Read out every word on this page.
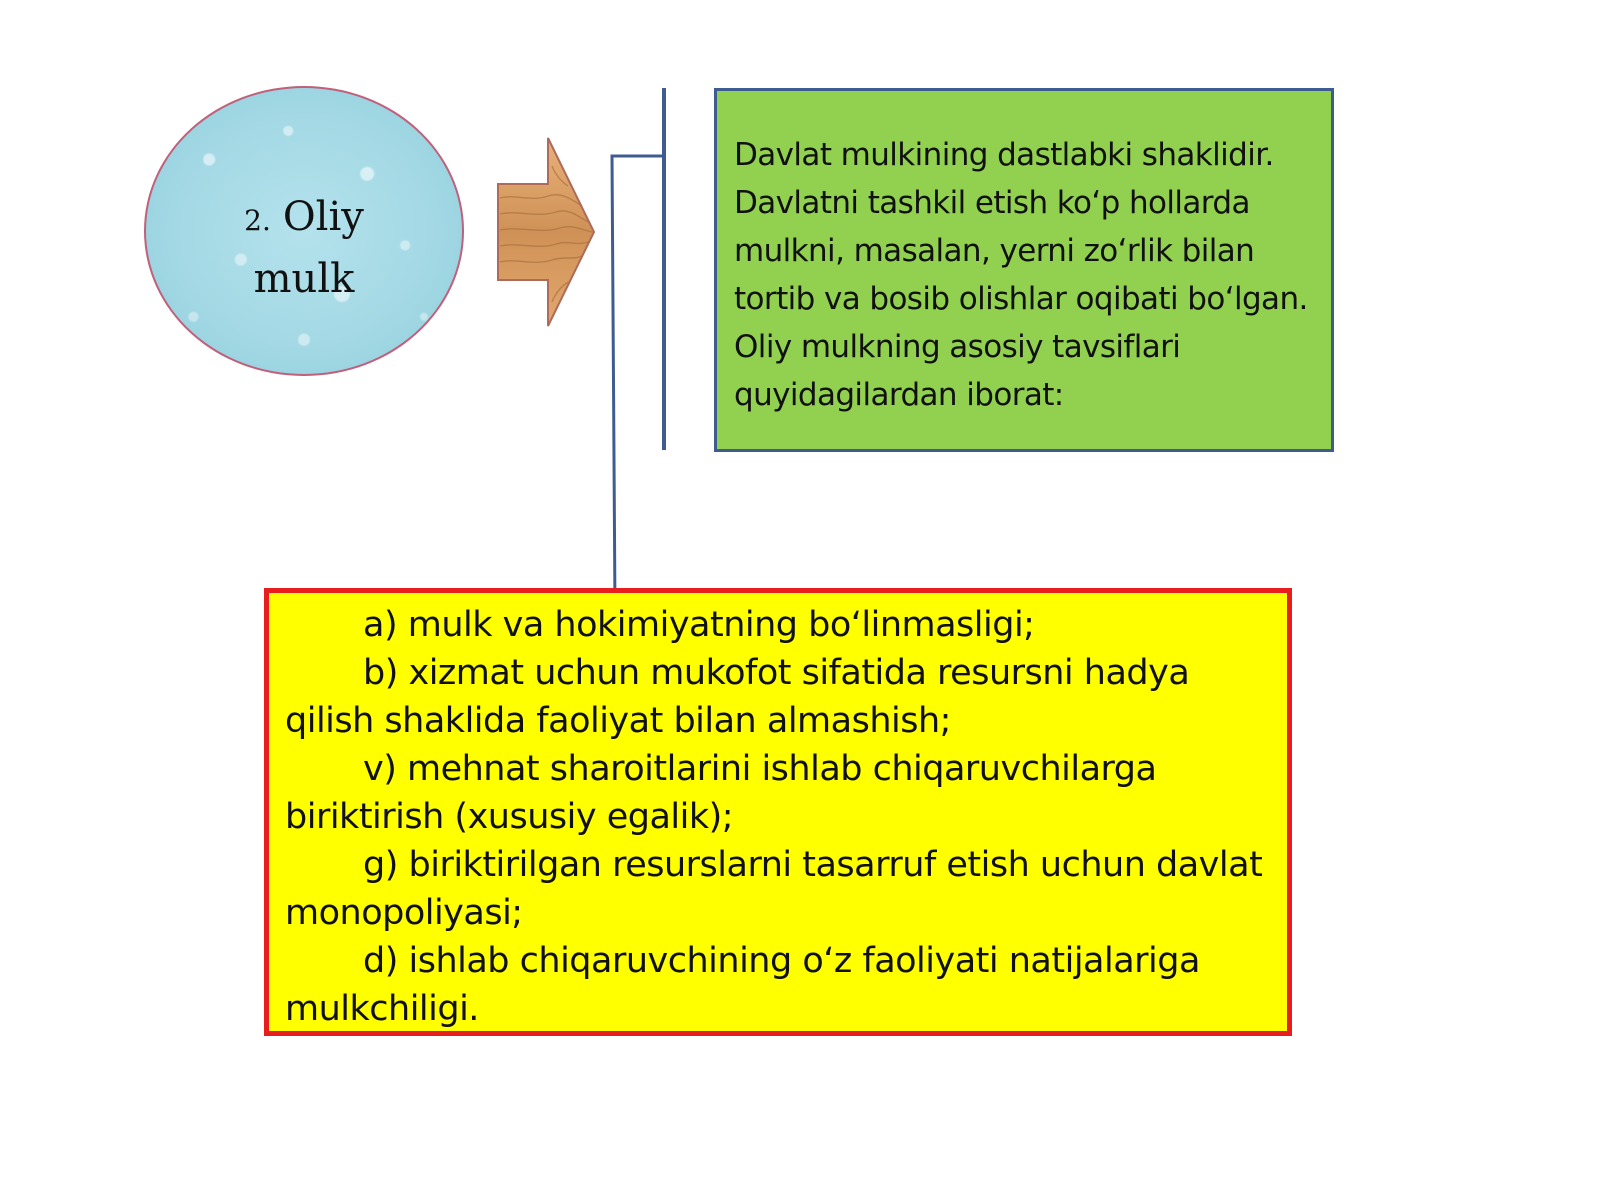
2. Oliy
mulk

Davlat mulkining dastlabki shaklidir. Davlatni tashkil etish koʻp hollarda mulkni, masalan, yerni zoʻrlik bilan tortib va bosib olishlar oqibati boʻlgan. Oliy mulkning asosiy tavsiflari quyidagilardan iborat:

a) mulk va hokimiyatning boʻlinmasligi;

b) xizmat uchun mukofot sifatida resursni hadya qilish shaklida faoliyat bilan almashish;

v) mehnat sharoitlarini ishlab chiqaruvchilarga biriktirish (xususiy egalik);

g) biriktirilgan resurslarni tasarruf etish uchun davlat monopoliyasi;

d) ishlab chiqaruvchining oʻz faoliyati natijalariga mulkchiligi.
